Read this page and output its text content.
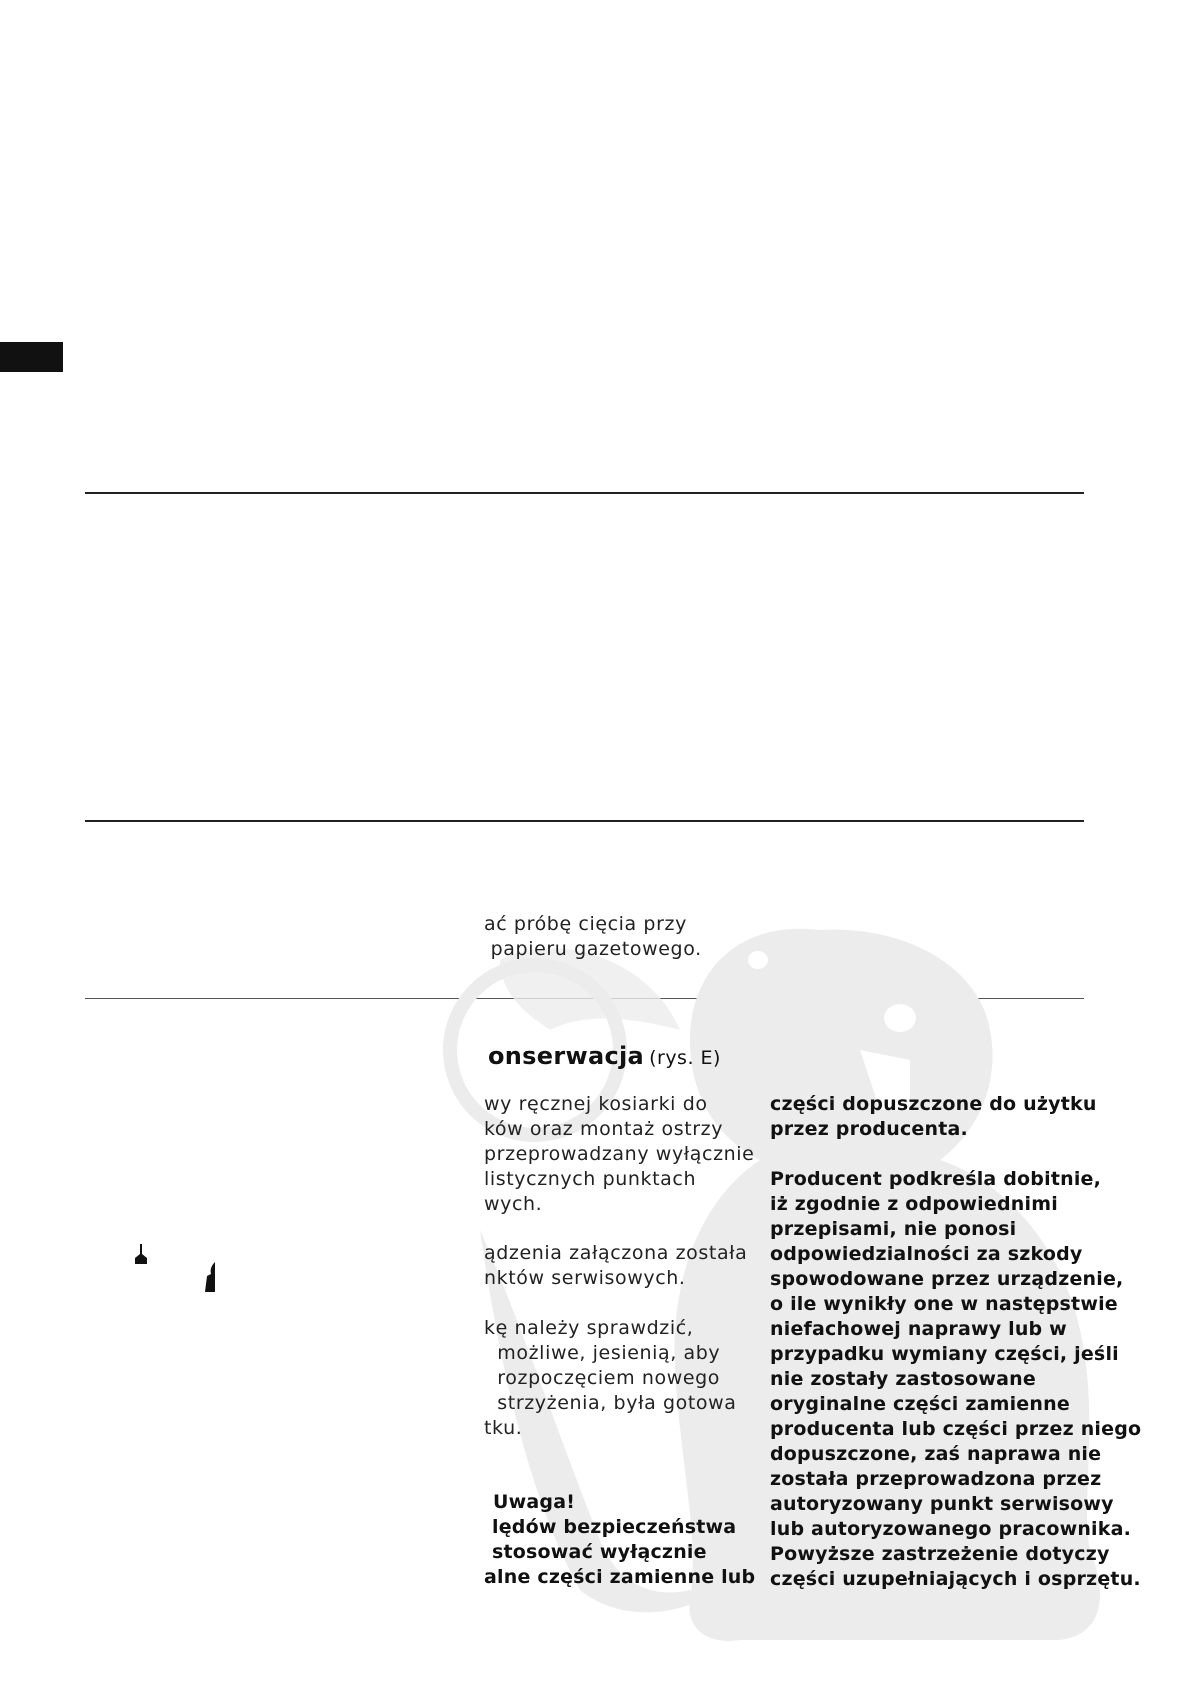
ać próbę cięcia przy
papieru gazetowego.
onserwacja (rys. E)
wy ręcznej kosiarki do
ków oraz montaż ostrzy
przeprowadzany wyłącznie
listycznych punktach
wych.
ądzenia załączona została
nktów serwisowych.
kę należy sprawdzić,
możliwe, jesienią, aby
rozpoczęciem nowego
strzyżenia, była gotowa
tku.
Uwaga!
lędów bezpieczeństwa
stosować wyłącznie
alne części zamienne lub
części dopuszczone do użytku
przez producenta.
Producent podkreśla dobitnie,
iż zgodnie z odpowiednimi
przepisami, nie ponosi
odpowiedzialności za szkody
spowodowane przez urządzenie,
o ile wynikły one w następstwie
niefachowej naprawy lub w
przypadku wymiany części, jeśli
nie zostały zastosowane
oryginalne części zamienne
producenta lub części przez niego
dopuszczone, zaś naprawa nie
została przeprowadzona przez
autoryzowany punkt serwisowy
lub autoryzowanego pracownika.
Powyższe zastrzeżenie dotyczy
części uzupełniających i osprzętu.
